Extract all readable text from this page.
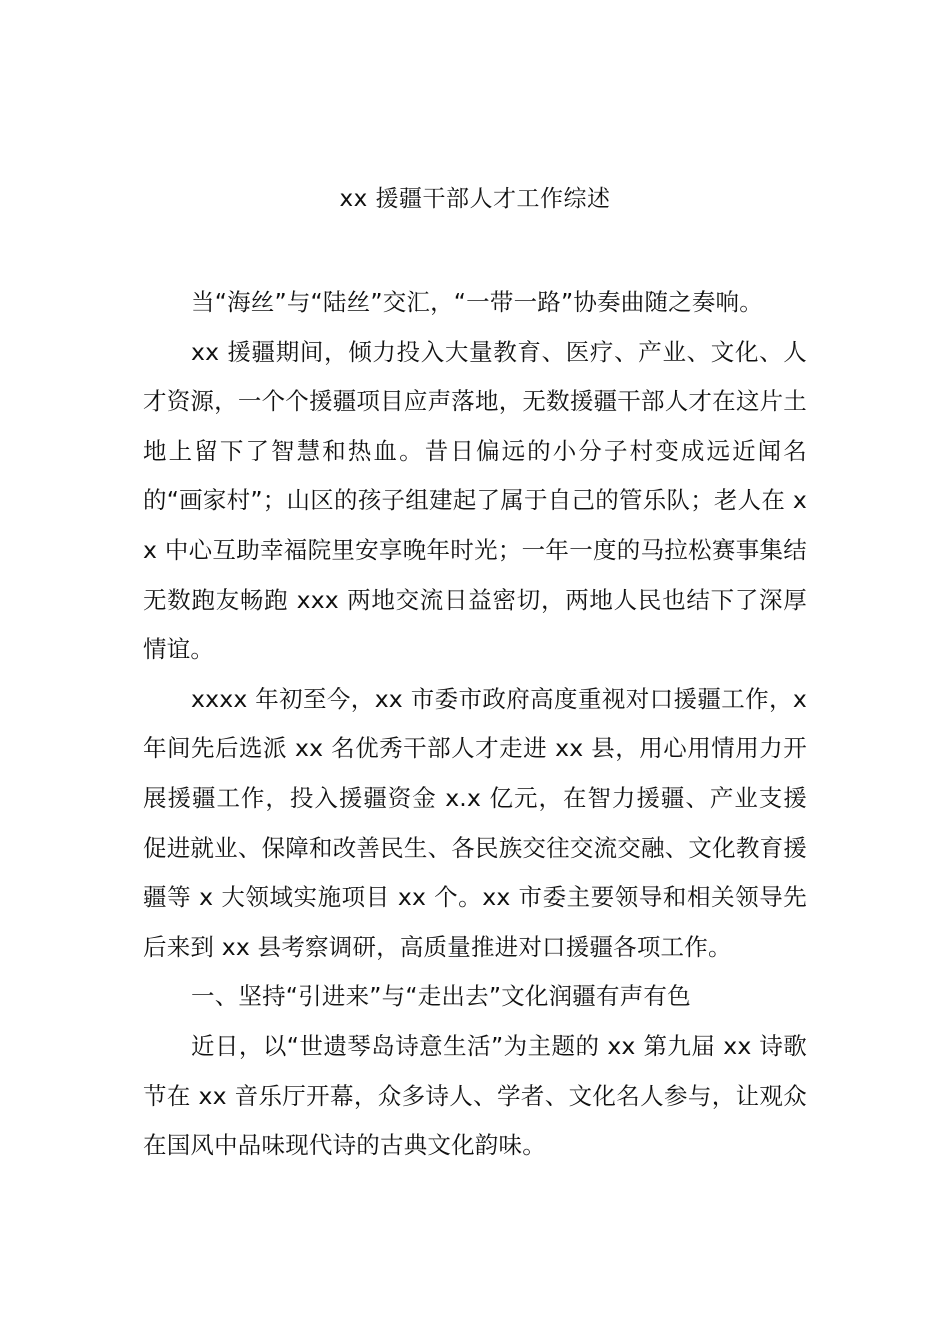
xx 援疆干部人才工作综述

当“海丝”与“陆丝”交汇，“一带一路”协奏曲随之奏响。

xx 援疆期间，倾力投入大量教育、医疗、产业、文化、人才资源，一个个援疆项目应声落地，无数援疆干部人才在这片土地上留下了智慧和热血。昔日偏远的小分子村变成远近闻名的“画家村”；山区的孩子组建起了属于自己的管乐队；老人在 xx 中心互助幸福院里安享晚年时光；一年一度的马拉松赛事集结无数跑友畅跑 xxx 两地交流日益密切，两地人民也结下了深厚情谊。

xxxx 年初至今，xx 市委市政府高度重视对口援疆工作，x 年间先后选派 xx 名优秀干部人才走进 xx 县，用心用情用力开展援疆工作，投入援疆资金 x.x 亿元，在智力援疆、产业支援促进就业、保障和改善民生、各民族交往交流交融、文化教育援疆等 x 大领域实施项目 xx 个。xx 市委主要领导和相关领导先后来到 xx 县考察调研，高质量推进对口援疆各项工作。

一、坚持“引进来”与“走出去”文化润疆有声有色

近日，以“世遗琴岛诗意生活”为主题的 xx 第九届 xx 诗歌节在 xx 音乐厅开幕，众多诗人、学者、文化名人参与，让观众在国风中品味现代诗的古典文化韵味。
